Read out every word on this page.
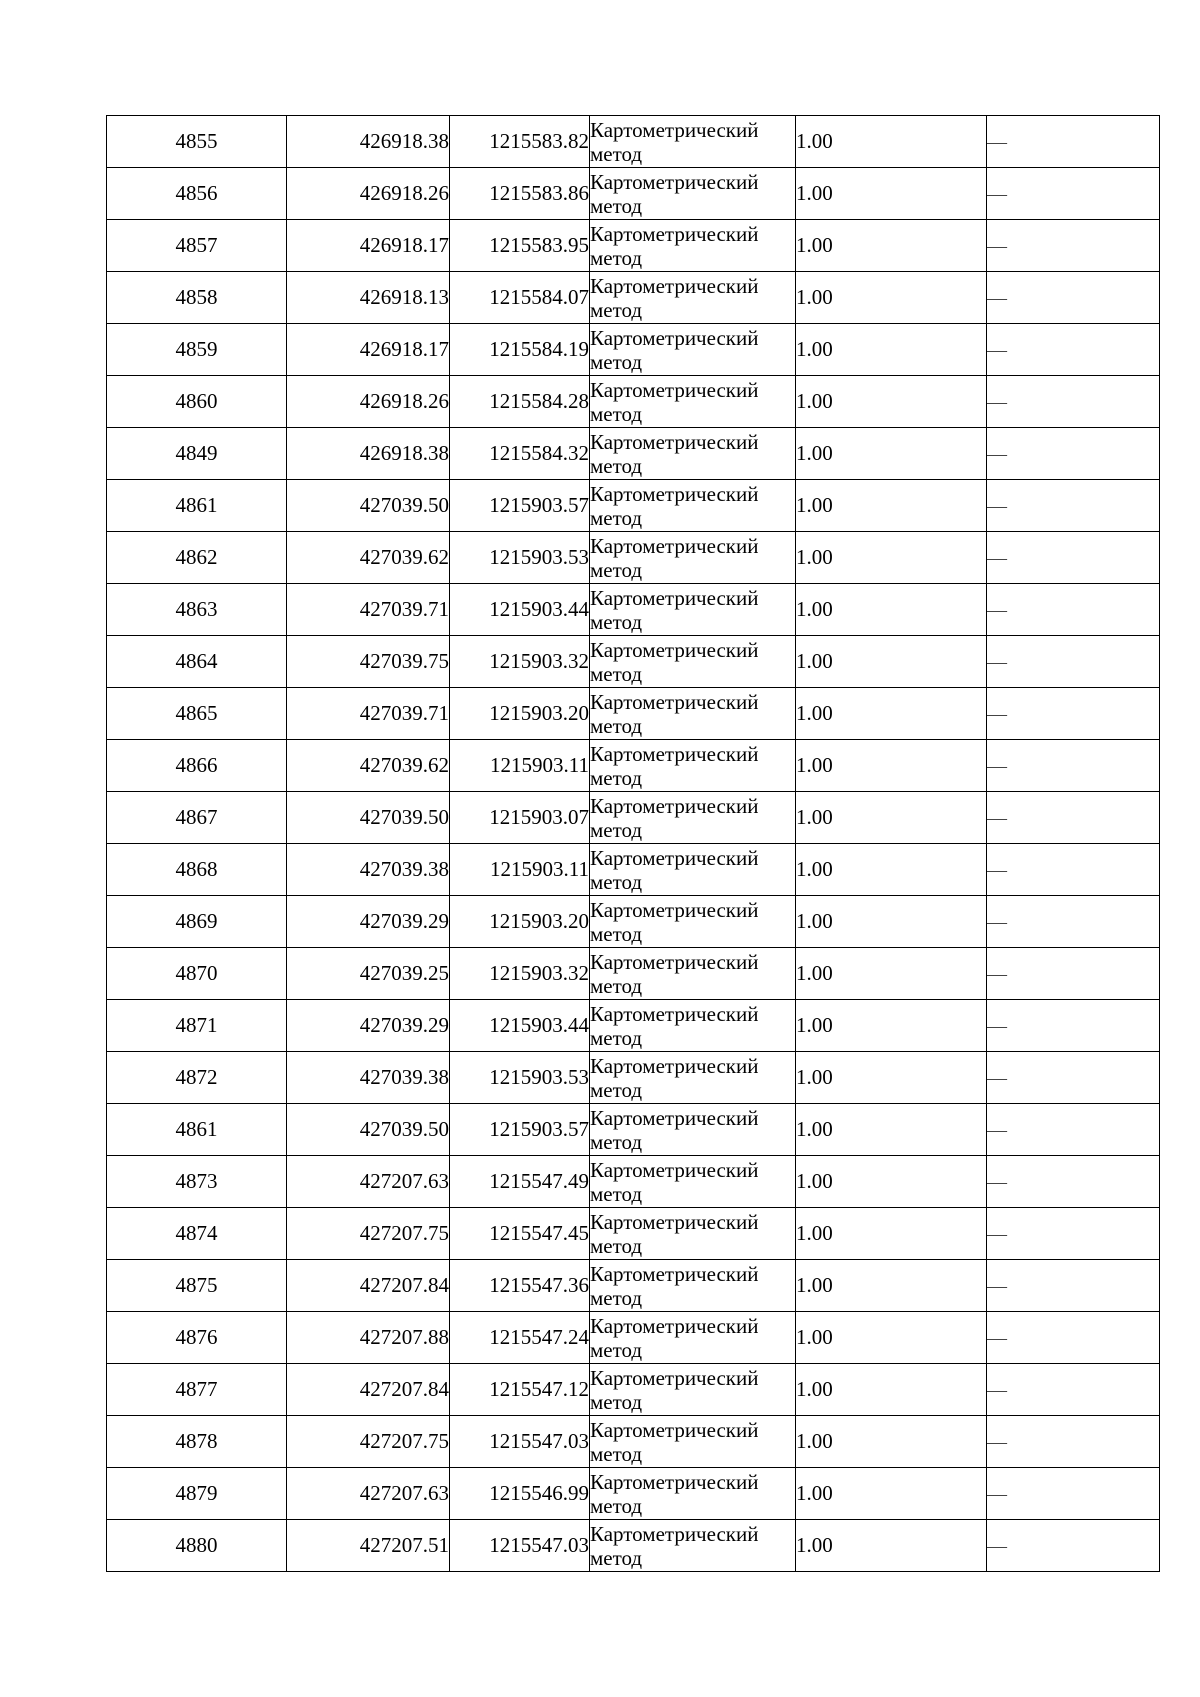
4855	426918.38	1215583.82	Картометрический
метод	1.00	—
4856	426918.26	1215583.86	Картометрический
метод	1.00	—
4857	426918.17	1215583.95	Картометрический
метод	1.00	—
4858	426918.13	1215584.07	Картометрический
метод	1.00	—
4859	426918.17	1215584.19	Картометрический
метод	1.00	—
4860	426918.26	1215584.28	Картометрический
метод	1.00	—
4849	426918.38	1215584.32	Картометрический
метод	1.00	—
4861	427039.50	1215903.57	Картометрический
метод	1.00	—
4862	427039.62	1215903.53	Картометрический
метод	1.00	—
4863	427039.71	1215903.44	Картометрический
метод	1.00	—
4864	427039.75	1215903.32	Картометрический
метод	1.00	—
4865	427039.71	1215903.20	Картометрический
метод	1.00	—
4866	427039.62	1215903.11	Картометрический
метод	1.00	—
4867	427039.50	1215903.07	Картометрический
метод	1.00	—
4868	427039.38	1215903.11	Картометрический
метод	1.00	—
4869	427039.29	1215903.20	Картометрический
метод	1.00	—
4870	427039.25	1215903.32	Картометрический
метод	1.00	—
4871	427039.29	1215903.44	Картометрический
метод	1.00	—
4872	427039.38	1215903.53	Картометрический
метод	1.00	—
4861	427039.50	1215903.57	Картометрический
метод	1.00	—
4873	427207.63	1215547.49	Картометрический
метод	1.00	—
4874	427207.75	1215547.45	Картометрический
метод	1.00	—
4875	427207.84	1215547.36	Картометрический
метод	1.00	—
4876	427207.88	1215547.24	Картометрический
метод	1.00	—
4877	427207.84	1215547.12	Картометрический
метод	1.00	—
4878	427207.75	1215547.03	Картометрический
метод	1.00	—
4879	427207.63	1215546.99	Картометрический
метод	1.00	—
4880	427207.51	1215547.03	Картометрический
метод	1.00	—
